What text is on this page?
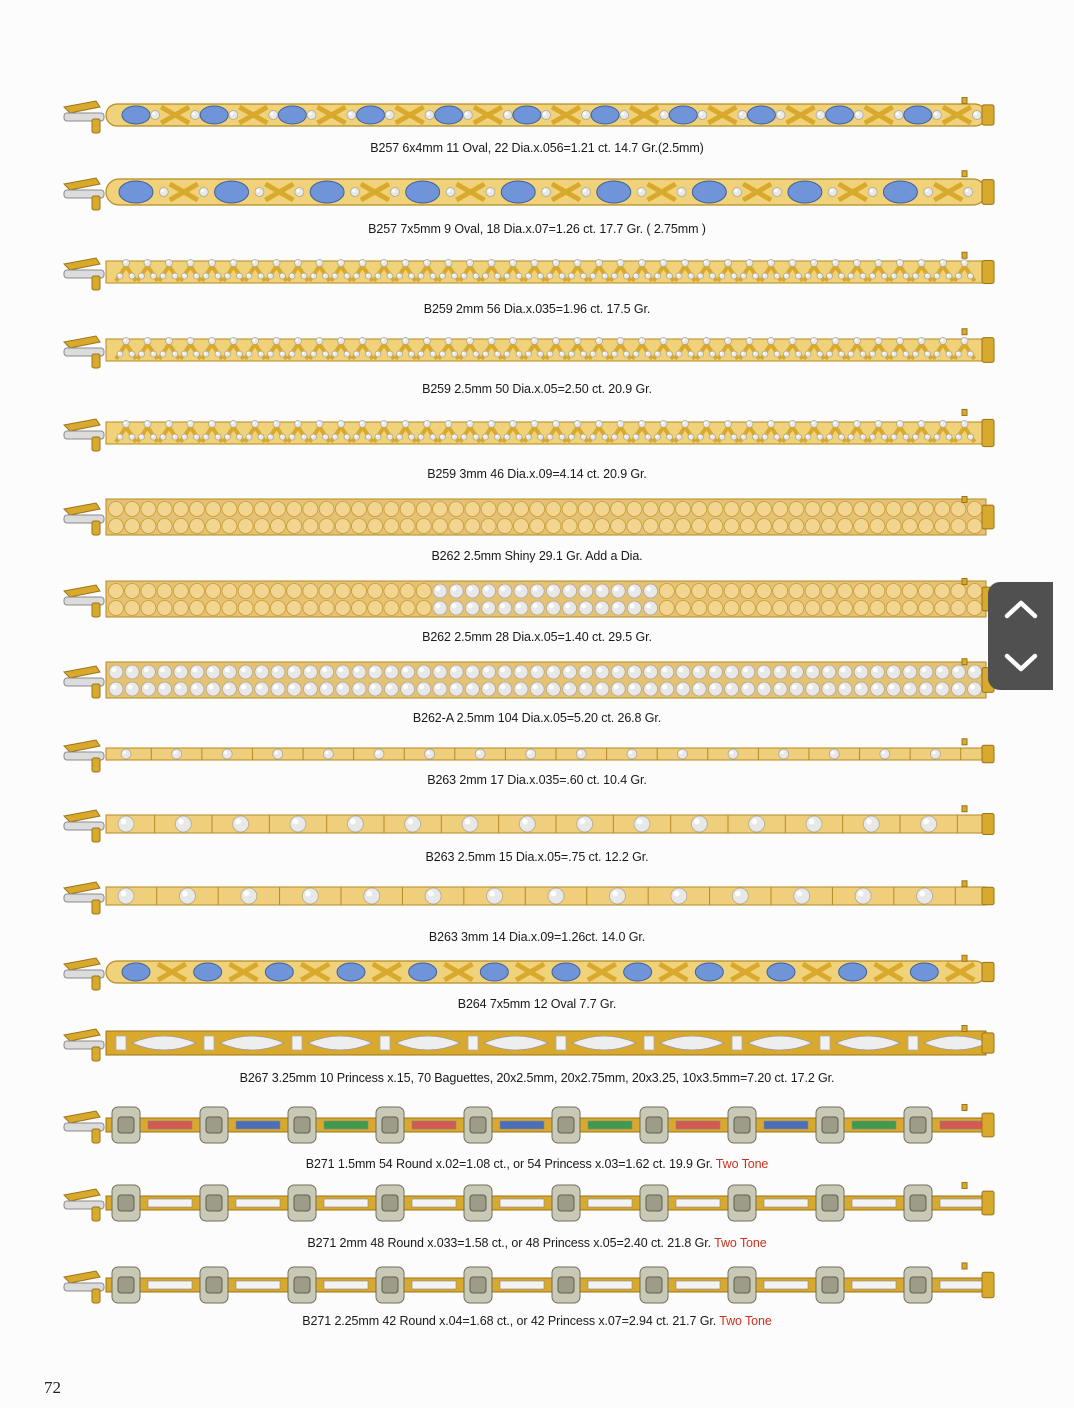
B257 6x4mm 11 Oval, 22 Dia.x.056=1.21 ct. 14.7 Gr.(2.5mm)
B257 7x5mm 9 Oval, 18 Dia.x.07=1.26 ct. 17.7 Gr. ( 2.75mm )
B259 2mm 56 Dia.x.035=1.96 ct. 17.5 Gr.
B259 2.5mm 50 Dia.x.05=2.50 ct. 20.9 Gr.
B259 3mm 46 Dia.x.09=4.14 ct. 20.9 Gr.
B262 2.5mm Shiny 29.1 Gr. Add a Dia.
B262 2.5mm 28 Dia.x.05=1.40 ct. 29.5 Gr.
B262-A 2.5mm 104 Dia.x.05=5.20 ct. 26.8 Gr.
B263 2mm 17 Dia.x.035=.60 ct. 10.4 Gr.
B263 2.5mm 15 Dia.x.05=.75 ct. 12.2 Gr.
B263 3mm 14 Dia.x.09=1.26ct. 14.0 Gr.
B264 7x5mm 12 Oval 7.7 Gr.
B267 3.25mm 10 Princess x.15, 70 Baguettes, 20x2.5mm, 20x2.75mm, 20x3.25, 10x3.5mm=7.20 ct. 17.2 Gr.
B271 1.5mm 54 Round x.02=1.08 ct., or 54 Princess x.03=1.62 ct. 19.9 Gr. Two Tone
B271 2mm 48 Round x.033=1.58 ct., or 48 Princess x.05=2.40 ct. 21.8 Gr. Two Tone
B271 2.25mm 42 Round x.04=1.68 ct., or 42 Princess x.07=2.94 ct. 21.7 Gr. Two Tone
72
